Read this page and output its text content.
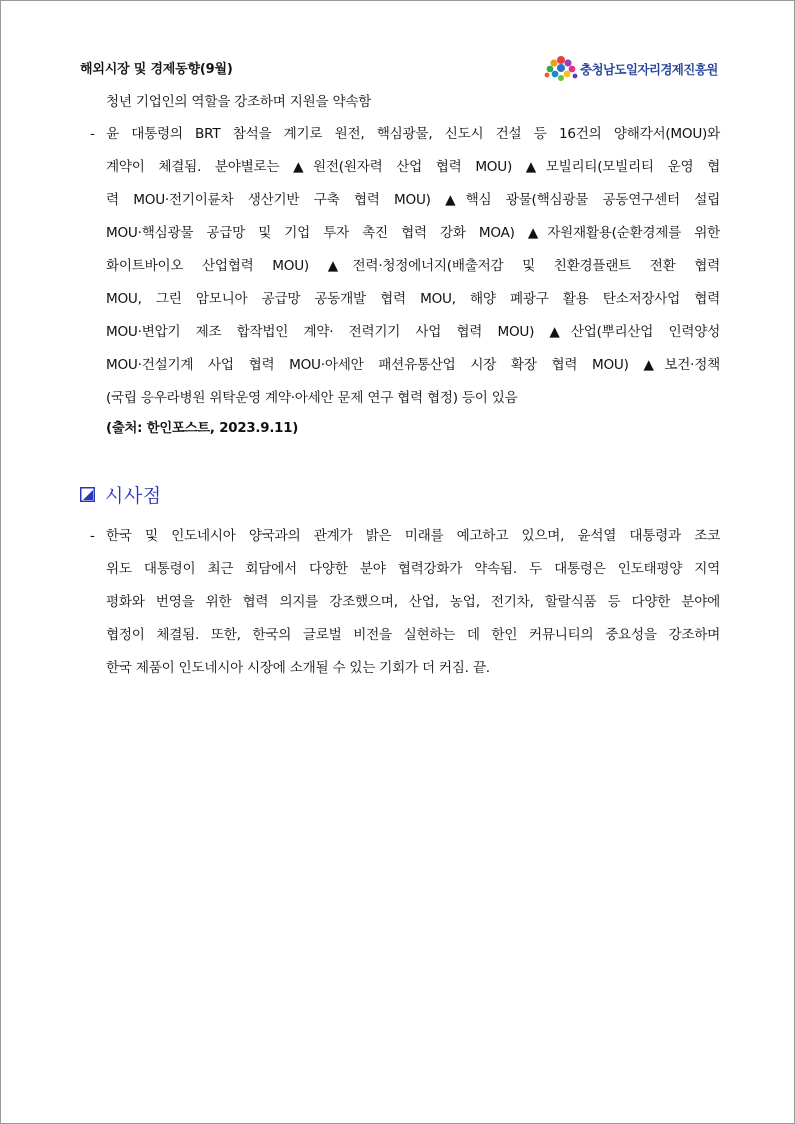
해외시장 및 경제동향(9월)	충청남도일자리경제진흥원
청년 기업인의 역할을 강조하며 지원을 약속함
- 윤 대통령의 BRT 참석을 계기로 원전, 핵심광물, 신도시 건설 등 16건의 양해각서(MOU)와
계약이 체결됨. 분야별로는 ▲원전(원자력 산업 협력 MOU) ▲모빌리티(모빌리티 운영 협
력 MOU·전기이륜차 생산기반 구축 협력 MOU) ▲핵심 광물(핵심광물 공동연구센터 설립
MOU·핵심광물 공급망 및 기업 투자 촉진 협력 강화 MOA) ▲자원재활용(순환경제를 위한
화이트바이오 산업협력 MOU) ▲전력·청정에너지(배출저감 및 친환경플랜트 전환 협력
MOU, 그린 암모니아 공급망 공동개발 협력 MOU, 해양 폐광구 활용 탄소저장사업 협력
MOU·변압기 제조 합작법인 계약· 전력기기 사업 협력 MOU) ▲산업(뿌리산업 인력양성
MOU·건설기계 사업 협력 MOU·아세안 패션유통산업 시장 확장 협력 MOU) ▲보건·정책
(국립 응우라병원 위탁운영 계약·아세안 문제 연구 협력 협정) 등이 있음
(출처: 한인포스트, 2023.9.11)
시사점
- 한국 및 인도네시아 양국과의 관계가 밝은 미래를 예고하고 있으며, 윤석열 대통령과 조코
위도 대통령이 최근 회담에서 다양한 분야 협력강화가 약속됨. 두 대통령은 인도태평양 지역
평화와 번영을 위한 협력 의지를 강조했으며, 산업, 농업, 전기차, 할랄식품 등 다양한 분야에
협정이 체결됨. 또한, 한국의 글로벌 비전을 실현하는 데 한인 커뮤니티의 중요성을 강조하며
한국 제품이 인도네시아 시장에 소개될 수 있는 기회가 더 커짐. 끝.
